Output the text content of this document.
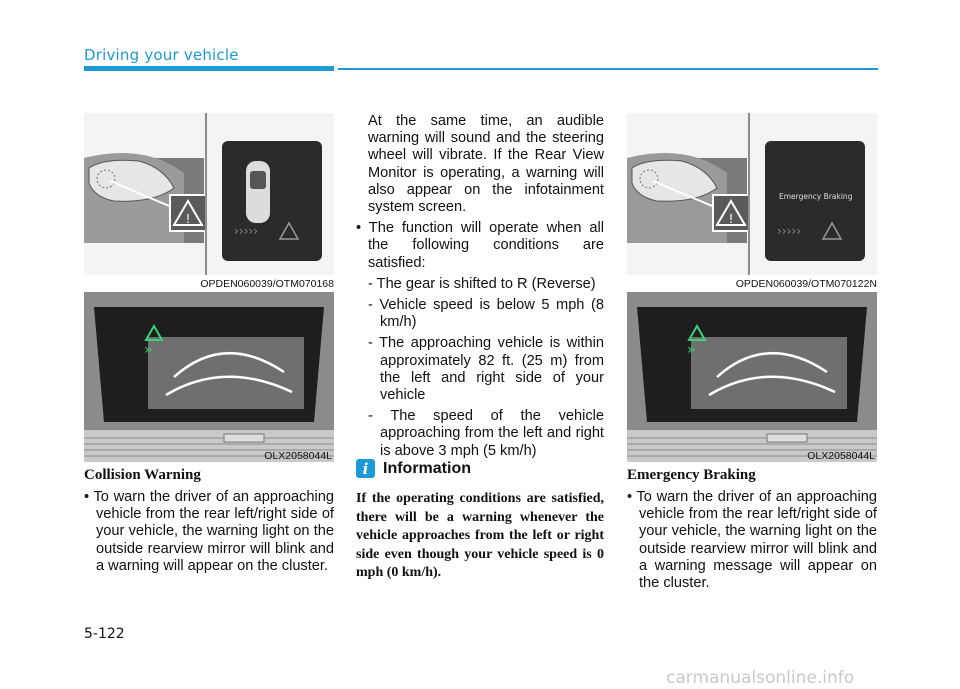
Driving your vehicle
!
›››››
OPDEN060039/OTM070168
»
OLX2058044L
Collision Warning

• To warn the driver of an approaching vehicle from the rear left/right side of your vehicle, the warning light on the outside rearview mirror will blink and a warning will appear on the cluster.

At the same time, an audible warning will sound and the steering wheel will vibrate. If the Rear View Monitor is operating, a warning will also appear on the infotainment system screen.

• The function will operate when all the following conditions are satisfied:

- The gear is shifted to R (Reverse)

- Vehicle speed is below 5 mph (8 km/h)

- The approaching vehicle is within approximately 82 ft. (25 m) from the left and right side of your vehicle

- The speed of the vehicle approaching from the left and right is above 3 mph (5 km/h)

i Information
If the operating conditions are satisfied, there will be a warning whenever the vehicle approaches from the left or right side even though your vehicle speed is 0 mph (0 km/h).
!
Emergency Braking
›››››
OPDEN060039/OTM070122N
»
OLX2058044L
Emergency Braking

• To warn the driver of an approaching vehicle from the rear left/right side of your vehicle, the warning light on the outside rearview mirror will blink and a warning message will appear on the cluster.

5-122
carmanualsonline.info
